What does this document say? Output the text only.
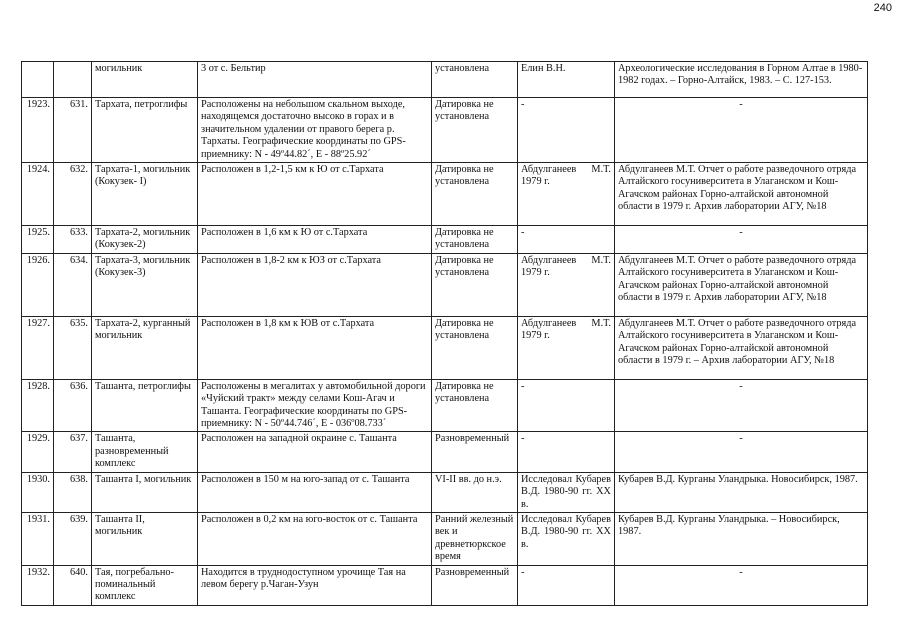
240
		могильник	3 от с. Бельтир	установлена	Елин В.Н.	Археологические исследования в Горном Алтае в 1980-1982 годах. – Горно-Алтайск, 1983. – С. 127-153.
1923.	631.	Тархата, петроглифы	Расположены на небольшом скальном выходе, находящемся достаточно высоко в горах и в значительном удалении от правого берега р. Тархаты. Географические координаты по GPS-приемнику: N - 49º44.82´, E - 88º25.92´	Датировка не установлена	-	-
1924.	632.	Тархата-1, могильник (Кокузек- I)	Расположен в 1,2-1,5 км к Ю от с.Тархата	Датировка не установлена	Абдулганеев М.Т. 1979 г.	Абдулганеев М.Т. Отчет о работе разведочного отряда Алтайского госуниверситета в Улаганском и Кош-Агачском районах Горно-алтайской автономной области в 1979 г. Архив лаборатории АГУ, №18
1925.	633.	Тархата-2, могильник (Кокузек-2)	Расположен в 1,6 км к Ю от с.Тархата	Датировка не установлена	-	-
1926.	634.	Тархата-3, могильник (Кокузек-3)	Расположен в 1,8-2 км к ЮЗ от с.Тархата	Датировка не установлена	Абдулганеев М.Т. 1979 г.	Абдулганеев М.Т. Отчет о работе разведочного отряда Алтайского госуниверситета в Улаганском и Кош-Агачском районах Горно-алтайской автономной области в 1979 г. Архив лаборатории АГУ, №18
1927.	635.	Тархата-2, курганный могильник	Расположен в 1,8 км к ЮВ от с.Тархата	Датировка не установлена	Абдулганеев М.Т. 1979 г.	Абдулганеев М.Т. Отчет о работе разведочного отряда Алтайского госуниверситета в Улаганском и Кош-Агачском районах Горно-алтайской автономной области в 1979 г. – Архив лаборатории АГУ, №18
1928.	636.	Ташанта, петроглифы	Расположены в мегалитах у автомобильной дороги «Чуйский тракт» между селами Кош-Агач и Ташанта. Географические координаты по GPS-приемнику: N - 50º44.746´, E - 036º08.733´	Датировка не установлена	-	-
1929.	637.	Ташанта, разновременный комплекс	Расположен на западной окраине с. Ташанта	Разновременный	-	-
1930.	638.	Ташанта I, могильник	Расположен в 150 м на юго-запад от с. Ташанта	VI-II вв. до н.э.	Исследовал Кубарев В.Д. 1980-90 гг. ХХ в.	Кубарев В.Д. Курганы Уландрыка. Новосибирск, 1987.
1931.	639.	Ташанта II, могильник	Расположен в 0,2 км на юго-восток от с. Ташанта	Ранний железный век и древнетюркское время	Исследовал Кубарев В.Д. 1980-90 гг. ХХ в.	Кубарев В.Д. Курганы Уландрыка. – Новосибирск, 1987.
1932.	640.	Тая, погребально-поминальный комплекс	Находится в труднодоступном урочище Тая на левом берегу р.Чаган-Узун	Разновременный	-	-
